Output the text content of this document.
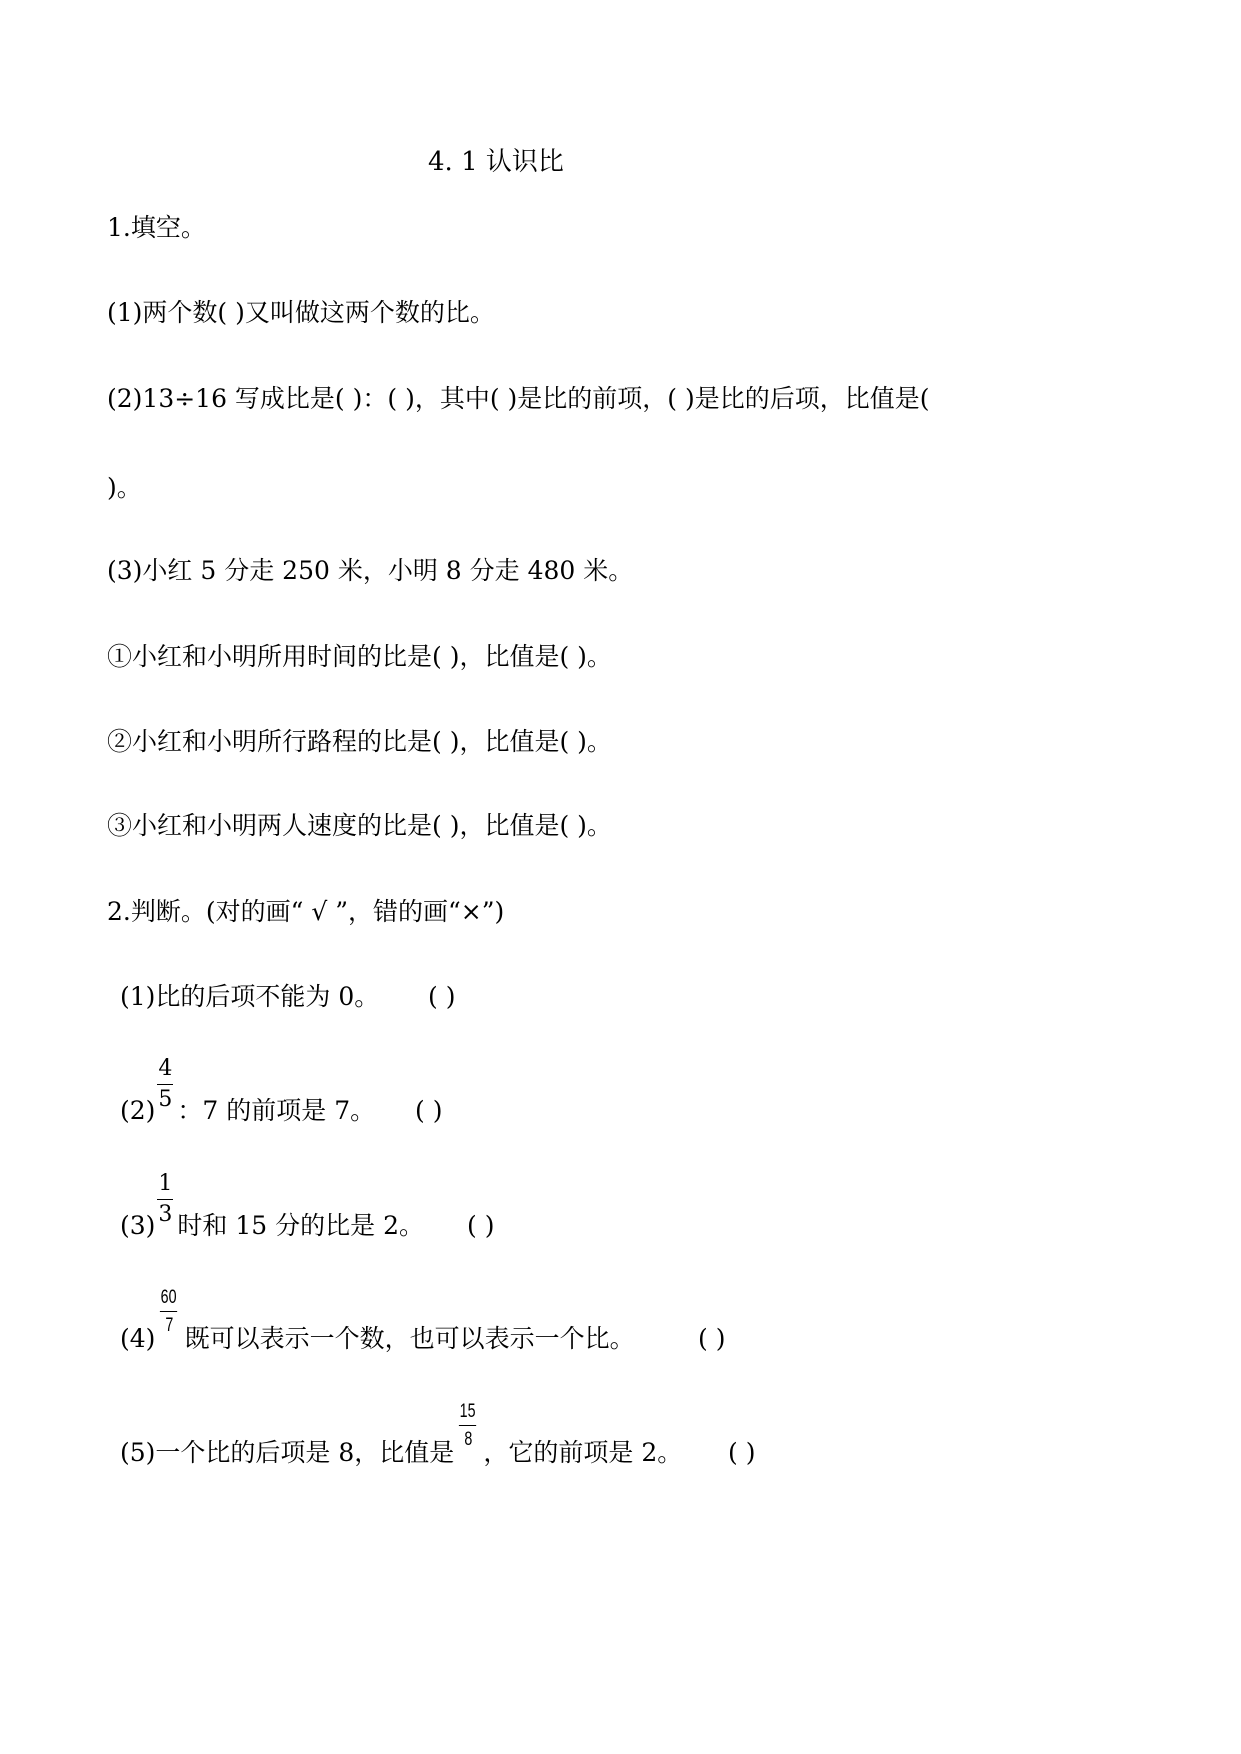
4. 1 认识比
1.填空。
(1)两个数( )又叫做这两个数的比。
(2)13÷16 写成比是( )：( )，其中( )是比的前项，( )是比的后项，比值是(
)。
(3)小红 5 分走 250 米，小明 8 分走 480 米。
①小红和小明所用时间的比是( )，比值是( )。
②小红和小明所行路程的比是( )，比值是( )。
③小红和小明两人速度的比是( )，比值是( )。
2.判断。(对的画“ √ ”，错的画“×”)
(1)比的后项不能为 0。 ( )
$(2) \frac{4}{5}$ ：7 的前项是 7。 ( )
$(3) \frac{1}{3}$ 时和 15 分的比是 2。 ( )
(4)
$\frac{60}{7}$
既可以表示一个数，也可以表示一个比。	( )
(5)一个比的后项是 8，比值是
$\frac{15}{8}$
，它的前项是 2。 ( )
